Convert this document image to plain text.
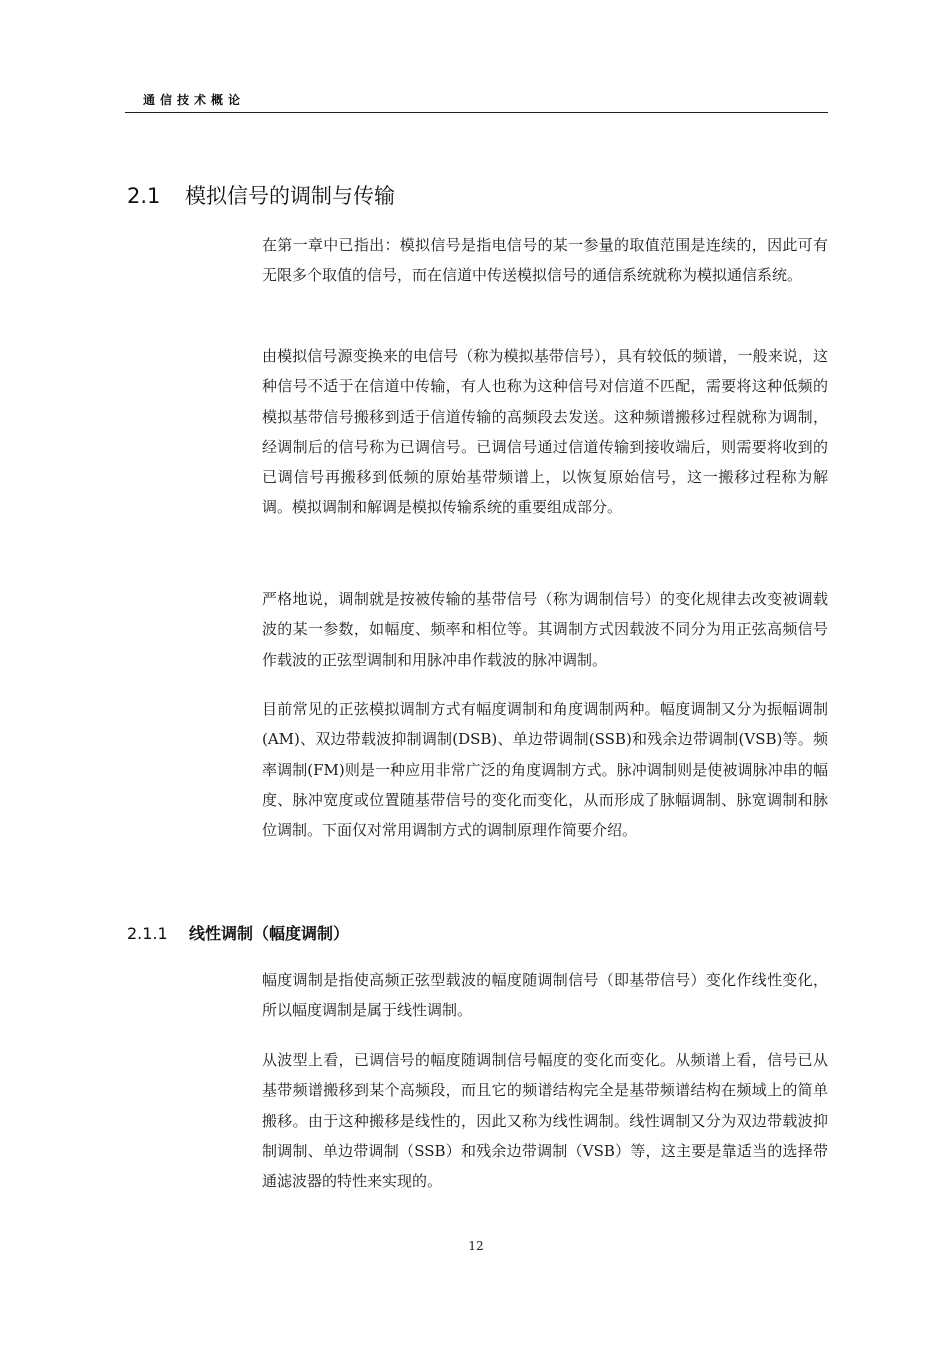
通信技术概论
2.1 模拟信号的调制与传输

在第一章中已指出：模拟信号是指电信号的某一参量的取值范围是连续的，因此可有无限多个取值的信号，而在信道中传送模拟信号的通信系统就称为模拟通信系统。

由模拟信号源变换来的电信号（称为模拟基带信号），具有较低的频谱，一般来说，这种信号不适于在信道中传输，有人也称为这种信号对信道不匹配，需要将这种低频的模拟基带信号搬移到适于信道传输的高频段去发送。这种频谱搬移过程就称为调制，经调制后的信号称为已调信号。已调信号通过信道传输到接收端后，则需要将收到的已调信号再搬移到低频的原始基带频谱上，以恢复原始信号，这一搬移过程称为解调。模拟调制和解调是模拟传输系统的重要组成部分。

严格地说，调制就是按被传输的基带信号（称为调制信号）的变化规律去改变被调载波的某一参数，如幅度、频率和相位等。其调制方式因载波不同分为用正弦高频信号作载波的正弦型调制和用脉冲串作载波的脉冲调制。

目前常见的正弦模拟调制方式有幅度调制和角度调制两种。幅度调制又分为振幅调制(AM)、双边带载波抑制调制(DSB)、单边带调制(SSB)和残余边带调制(VSB)等。频率调制(FM)则是一种应用非常广泛的角度调制方式。脉冲调制则是使被调脉冲串的幅度、脉冲宽度或位置随基带信号的变化而变化，从而形成了脉幅调制、脉宽调制和脉位调制。下面仅对常用调制方式的调制原理作简要介绍。

2.1.1 线性调制（幅度调制）

幅度调制是指使高频正弦型载波的幅度随调制信号（即基带信号）变化作线性变化，所以幅度调制是属于线性调制。

从波型上看，已调信号的幅度随调制信号幅度的变化而变化。从频谱上看，信号已从基带频谱搬移到某个高频段，而且它的频谱结构完全是基带频谱结构在频域上的简单搬移。由于这种搬移是线性的，因此又称为线性调制。线性调制又分为双边带载波抑制调制、单边带调制（SSB）和残余边带调制（VSB）等，这主要是靠适当的选择带通滤波器的特性来实现的。

12
